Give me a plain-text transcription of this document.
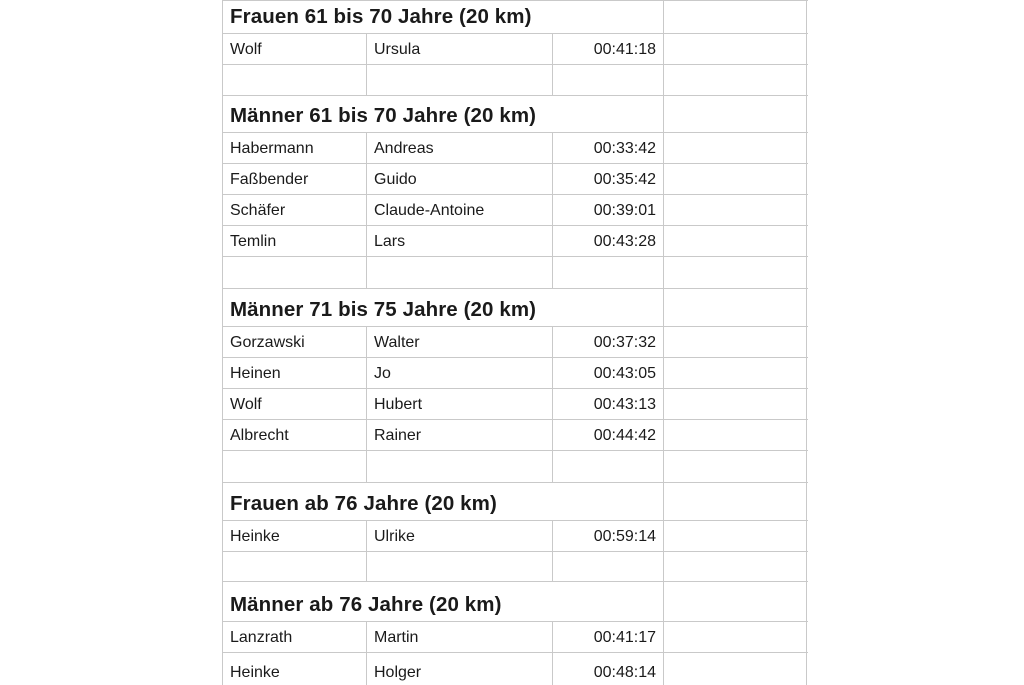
Frauen 61 bis 70 Jahre (20 km)
Wolf	Ursula	00:41:18
Männer 61 bis 70 Jahre (20 km)
Habermann	Andreas	00:33:42
Faßbender	Guido	00:35:42
Schäfer	Claude-Antoine	00:39:01
Temlin	Lars	00:43:28
Männer 71 bis 75 Jahre (20 km)
Gorzawski	Walter	00:37:32
Heinen	Jo	00:43:05
Wolf	Hubert	00:43:13
Albrecht	Rainer	00:44:42
Frauen ab 76 Jahre (20 km)
Heinke	Ulrike	00:59:14
Männer ab 76 Jahre (20 km)
Lanzrath	Martin	00:41:17
Heinke	Holger	00:48:14
